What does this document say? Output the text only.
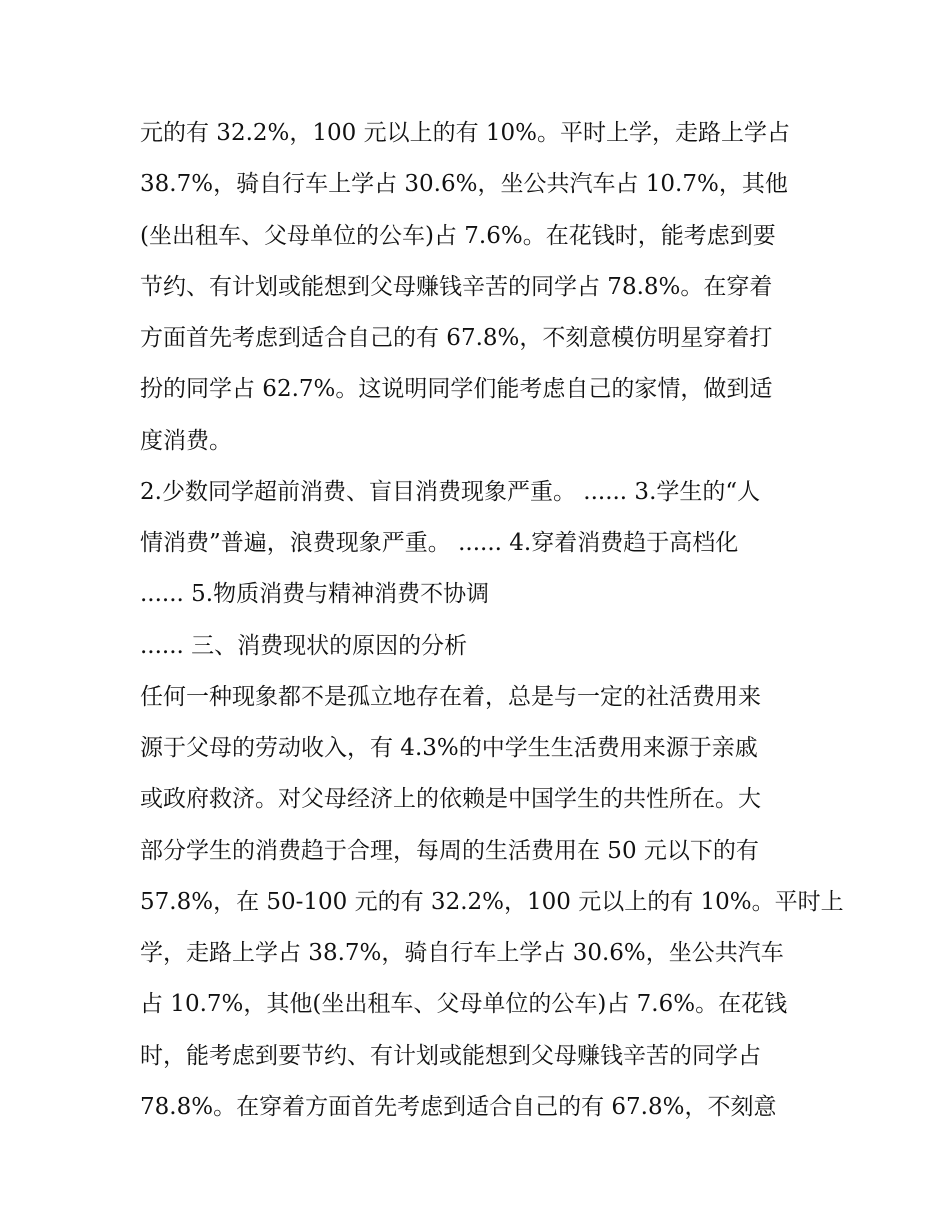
元的有 32.2%，100 元以上的有 10%。平时上学，走路上学占
38.7%，骑自行车上学占 30.6%，坐公共汽车占 10.7%，其他
(坐出租车、父母单位的公车)占 7.6%。在花钱时，能考虑到要
节约、有计划或能想到父母赚钱辛苦的同学占 78.8%。在穿着
方面首先考虑到适合自己的有 67.8%，不刻意模仿明星穿着打
扮的同学占 62.7%。这说明同学们能考虑自己的家情，做到适
度消费。
2.少数同学超前消费、盲目消费现象严重。 ...... 3.学生的“人
情消费”普遍，浪费现象严重。 ...... 4.穿着消费趋于高档化
...... 5.物质消费与精神消费不协调
...... 三、消费现状的原因的分析
任何一种现象都不是孤立地存在着，总是与一定的社活费用来
源于父母的劳动收入，有 4.3%的中学生生活费用来源于亲戚
或政府救济。对父母经济上的依赖是中国学生的共性所在。大
部分学生的消费趋于合理，每周的生活费用在 50 元以下的有
57.8%，在 50-100 元的有 32.2%，100 元以上的有 10%。平时上
学，走路上学占 38.7%，骑自行车上学占 30.6%，坐公共汽车
占 10.7%，其他(坐出租车、父母单位的公车)占 7.6%。在花钱
时，能考虑到要节约、有计划或能想到父母赚钱辛苦的同学占
78.8%。在穿着方面首先考虑到适合自己的有 67.8%，不刻意
